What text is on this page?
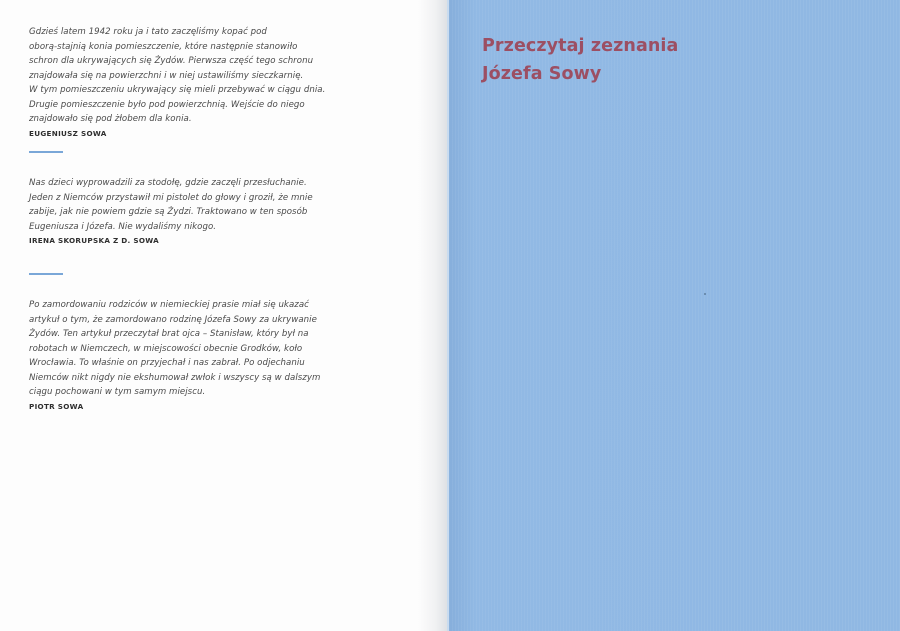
Gdzieś latem 1942 roku ja i tato zaczęliśmy kopać pod
oborą-stajnią konia pomieszczenie, które następnie stanowiło
schron dla ukrywających się Żydów. Pierwsza część tego schronu
znajdowała się na powierzchni i w niej ustawiliśmy sieczkarnię.
W tym pomieszczeniu ukrywający się mieli przebywać w ciągu dnia.
Drugie pomieszczenie było pod powierzchnią. Wejście do niego
znajdowało się pod żłobem dla konia.

EUGENIUSZ SOWA

Nas dzieci wyprowadzili za stodołę, gdzie zaczęli przesłuchanie.
Jeden z Niemców przystawił mi pistolet do głowy i groził, że mnie
zabije, jak nie powiem gdzie są Żydzi. Traktowano w ten sposób
Eugeniusza i Józefa. Nie wydaliśmy nikogo.

IRENA SKORUPSKA Z D. SOWA

Po zamordowaniu rodziców w niemieckiej prasie miał się ukazać
artykuł o tym, że zamordowano rodzinę Józefa Sowy za ukrywanie
Żydów. Ten artykuł przeczytał brat ojca – Stanisław, który był na
robotach w Niemczech, w miejscowości obecnie Grodków, koło
Wrocławia. To właśnie on przyjechał i nas zabrał. Po odjechaniu
Niemców nikt nigdy nie ekshumował zwłok i wszyscy są w dalszym
ciągu pochowani w tym samym miejscu.

PIOTR SOWA
Przeczytaj zeznania
Józefa Sowy
